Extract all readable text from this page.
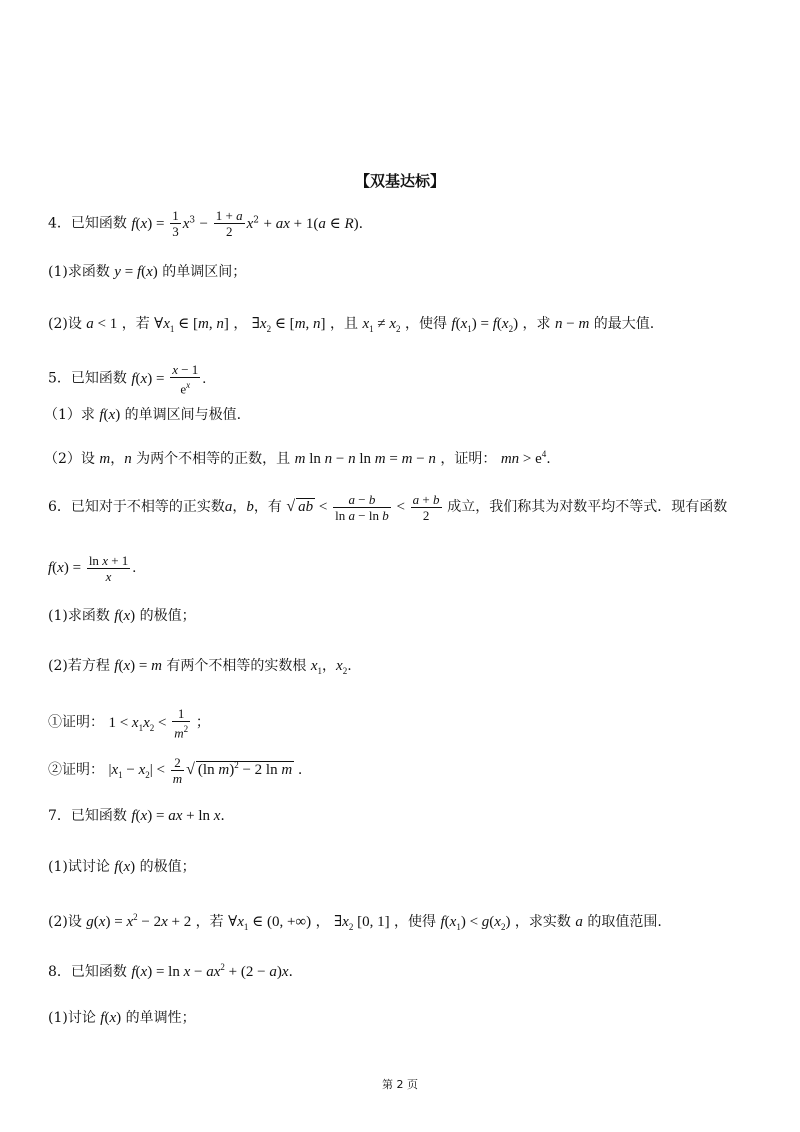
【双基达标】
4．已知函数 $f(x) = \frac{1}{3} x^3 - \frac{1 + a}{2} x^2$ + ax + 1(a ∈ R).
(1)求函数 y = f(x) 的单调区间；
(2)设 a < 1 ，若 $\forall x_1$ ∈ [m, n] ， $\exists x_2$ ∈ [m, n] ，且 $x_1 \ne x_2$ ，使得 $f(x_1) = f(x_2)$ ，求 n − m 的最大值.
5．已知函数 $f(x) = \frac{x - 1}{e^x}$ .
（1）求 f(x) 的单调区间与极值.
（2）设 m，n 为两个不相等的正数，且 m ln n − n ln m = m − n ，证明： mn > $e^4$.
6．已知对于不相等的正实数a，b，有 √ ab < $\frac{a - b}{\text{ln a − ln b}} < \frac{a + b}{2}$ 成立，我们称其为对数平均不等式．现有函数
$f(x) = \frac{\text{ln x + 1}}{x}$ .
(1)求函数 f(x) 的极值；
(2)若方程 f(x) = m 有两个不相等的实数根 $x_1$，$x_2$.
①证明： $1 < x_1x_2 < \frac{1}{m^2}$ ；
②证明： $|x_1 - x_2| < \frac{2}{m}$ √ (ln m)$^2$ − 2 ln m .
7．已知函数 f(x) = ax + ln x.
(1)试讨论 f(x) 的极值；
(2)设 $g(x) = x^2 - 2x + 2$ ，若 $\forall x_1$ ∈ (0, +∞) ， $\exists x_2$ [0, 1] ，使得 $f(x_1) < g(x_2)$ ，求实数 a 的取值范围.
8．已知函数 $f(x) = \ln x - ax^2 + (2 - a)x$.
(1)讨论 f(x) 的单调性；
第 2 页
